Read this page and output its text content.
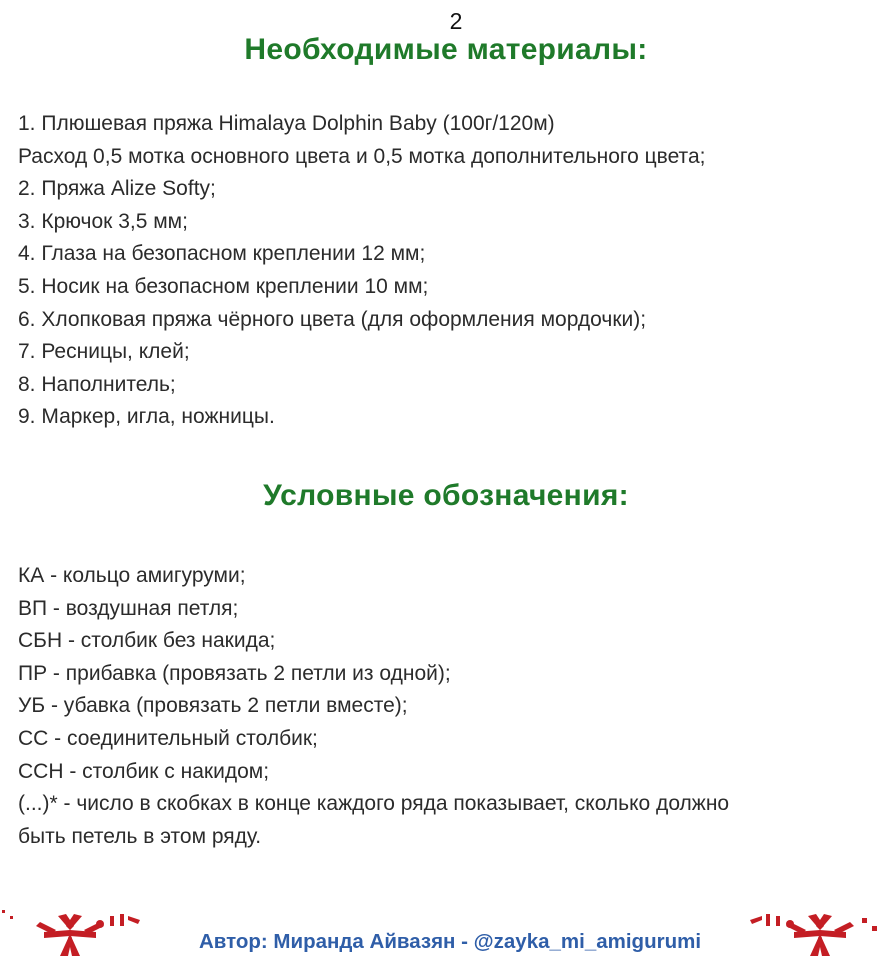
2
Необходимые материалы:
1. Плюшевая пряжа Himalaya Dolphin Baby (100г/120м)
Расход 0,5 мотка основного цвета и 0,5 мотка дополнительного цвета;
2. Пряжа Alize Softy;
3. Крючок 3,5 мм;
4. Глаза на безопасном креплении 12 мм;
5. Носик на безопасном креплении 10 мм;
6. Хлопковая пряжа чёрного цвета (для оформления мордочки);
7. Ресницы, клей;
8. Наполнитель;
9. Маркер, игла, ножницы.
Условные обозначения:
КА - кольцо амигуруми;
ВП - воздушная петля;
СБН - столбик без накида;
ПР - прибавка (провязать 2 петли из одной);
УБ - убавка (провязать 2 петли вместе);
СС - соединительный столбик;
ССН - столбик с накидом;
(...)* - число в скобках в конце каждого ряда показывает, сколько должно
быть петель в этом ряду.
Автор: Миранда Айвазян - @zayka_mi_amigurumi
